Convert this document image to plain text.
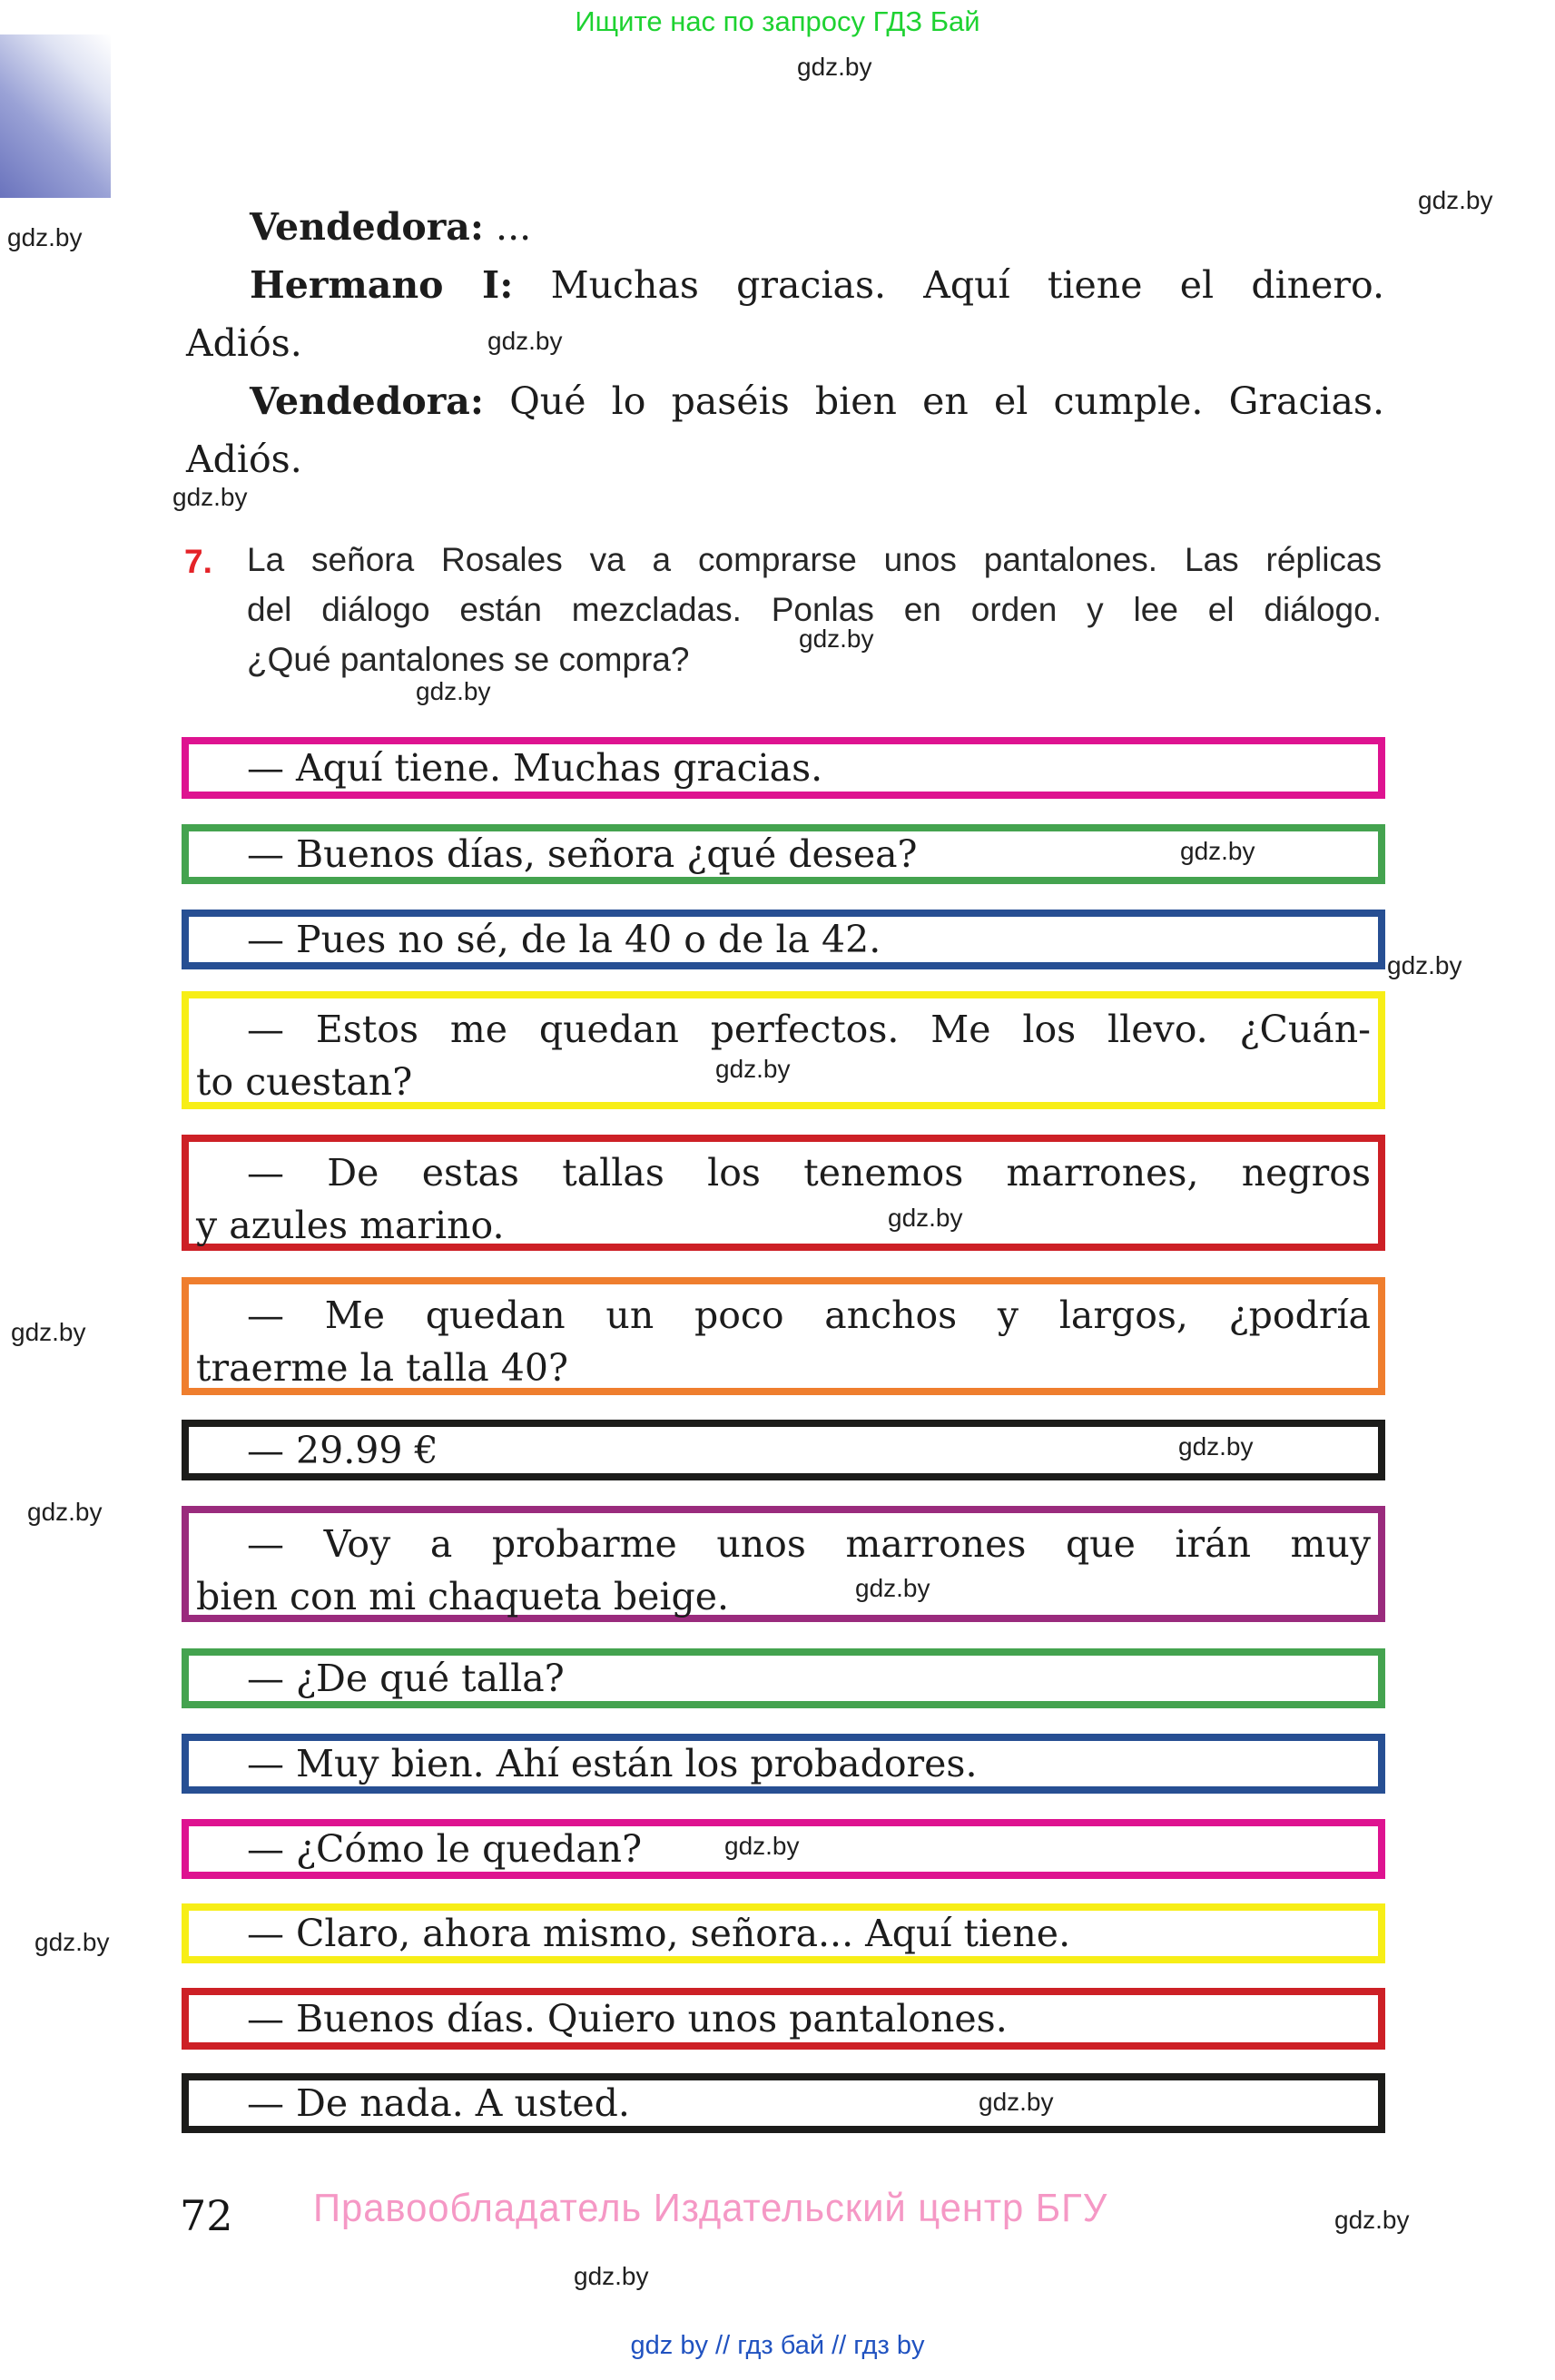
Ищите нас по запросу ГДЗ Бай
Vendedora: ...
Hermano I: Muchas gracias. Aquí tiene el dinero.
Adiós.
Vendedora: Qué lo paséis bien en el cumple. Gracias.
Adiós.
7. La señora Rosales va a comprarse unos pantalones. Las réplicas
del diálogo están mezcladas. Ponlas en orden y lee el diálogo.
¿Qué pantalones se compra?
— Aquí tiene. Muchas gracias.
— Buenos días, señora ¿qué desea?
— Pues no sé, de la 40 o de la 42.
— Estos me quedan perfectos. Me los llevo. ¿Cuán-
to cuestan?
— De estas tallas los tenemos marrones, negros
y azules marino.
— Me quedan un poco anchos y largos, ¿podría
traerme la talla 40?
— 29.99 €
— Voy a probarme unos marrones que irán muy
bien con mi chaqueta beige.
— ¿De qué talla?
— Muy bien. Ahí están los probadores.
— ¿Cómo le quedan?
— Claro, ahora mismo, señora... Aquí tiene.
— Buenos días. Quiero unos pantalones.
— De nada. A usted.
gdz.by
gdz.by
gdz.by
gdz.by
gdz.by
gdz.by
gdz.by
gdz.by
gdz.by
gdz.by
gdz.by
gdz.by
gdz.by
gdz.by
gdz.by
gdz.by
gdz.by
gdz.by
gdz.by
gdz.by
72 Правообладатель Издательский центр БГУ
gdz by // гдз бай // гдз by
